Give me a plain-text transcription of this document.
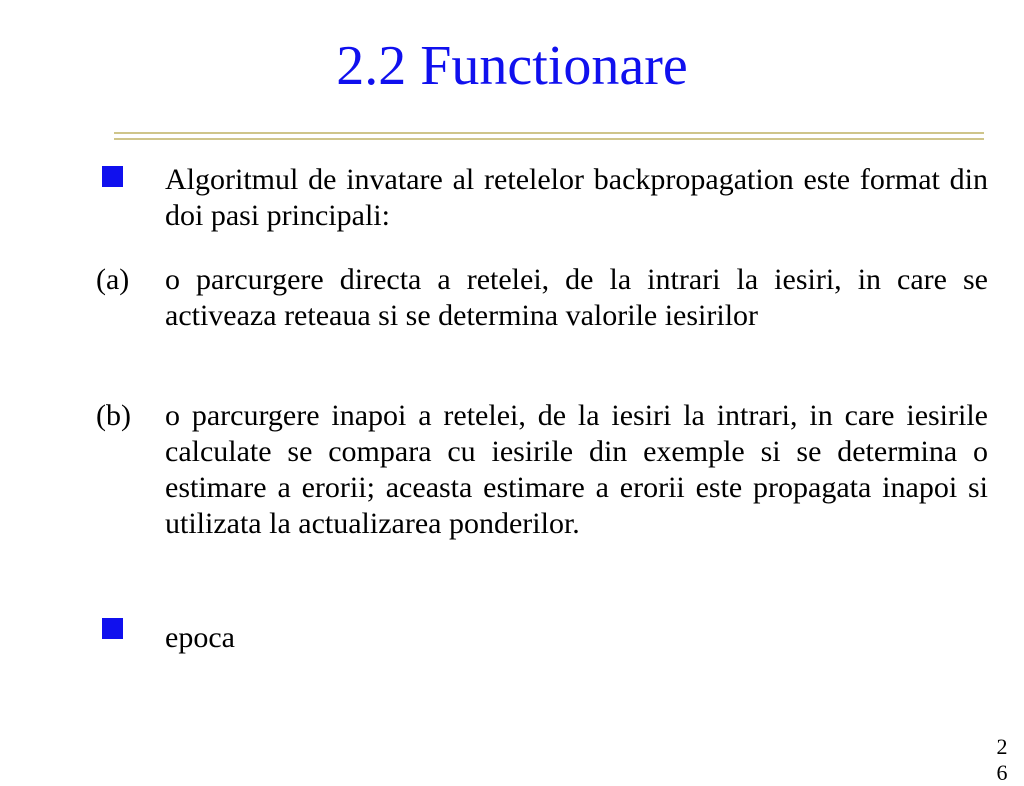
2.2 Functionare

Algoritmul de invatare al retelelor backpropagation este format din doi pasi principali:

(a) o parcurgere directa a retelei, de la intrari la iesiri, in care se activeaza reteaua si se determina valorile iesirilor

(b) o parcurgere inapoi a retelei, de la iesiri la intrari, in care iesirile calculate se compara cu iesirile din exemple si se determina o estimare a erorii; aceasta estimare a erorii este propagata inapoi si utilizata la actualizarea ponderilor.

epoca

26
